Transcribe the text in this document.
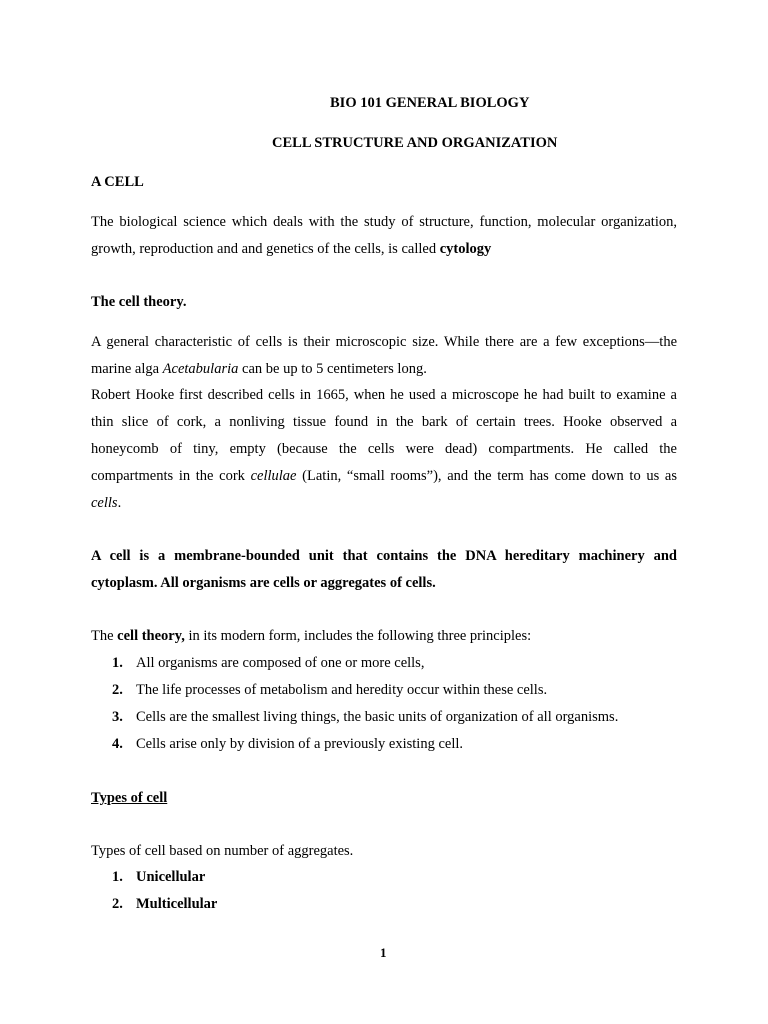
BIO 101 GENERAL BIOLOGY
CELL STRUCTURE AND ORGANIZATION
A CELL
The biological science which deals with the study of structure, function, molecular organization,
growth, reproduction and and genetics of the cells, is called cytology
The cell theory.
A general characteristic of cells is their microscopic size. While there are a few exceptions—the
marine alga Acetabularia can be up to 5 centimeters long.
Robert Hooke first described cells in 1665, when he used a microscope he had built to examine a
thin slice of cork, a nonliving tissue found in the bark of certain trees. Hooke observed a
honeycomb of tiny, empty (because the cells were dead) compartments. He called the
compartments in the cork cellulae (Latin, “small rooms”), and the term has come down to us as
cells.
A cell is a membrane-bounded unit that contains the DNA hereditary machinery and
cytoplasm. All organisms are cells or aggregates of cells.
The cell theory, in its modern form, includes the following three principles:
1. All organisms are composed of one or more cells,
2. The life processes of metabolism and heredity occur within these cells.
3. Cells are the smallest living things, the basic units of organization of all organisms.
4. Cells arise only by division of a previously existing cell.
Types of cell
Types of cell based on number of aggregates.
1. Unicellular
2. Multicellular
1
